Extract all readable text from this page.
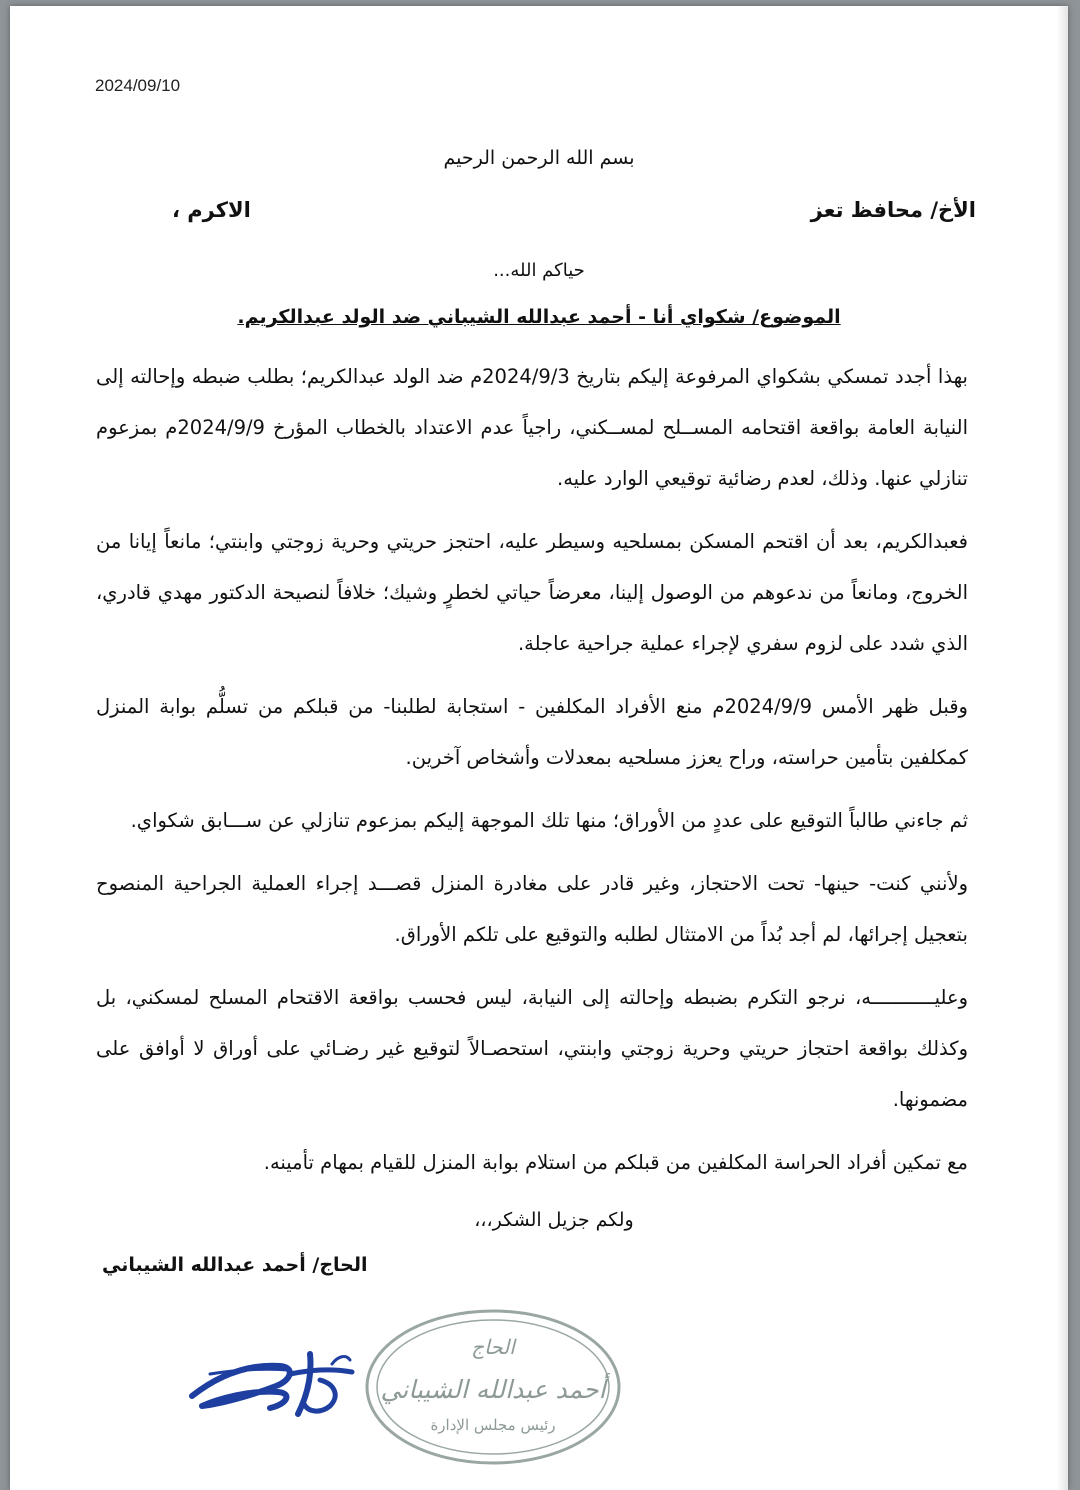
2024/09/10
بسم الله الرحمن الرحيم
الأخ/ محافظ تعز
الاكرم ،
حياكم الله...
الموضوع/ شكواي أنا - أحمد عبدالله الشيباني ضد الولد عبدالكريم.

بهذا أجدد تمسكي بشكواي المرفوعة إليكم بتاريخ 2024/9/3م ضد الولد عبدالكريم؛ بطلب ضبطه وإحالته إلى النيابة العامة بواقعة اقتحامه المســلح لمســكني، راجياً عدم الاعتداد بالخطاب المؤرخ 2024/9/9م بمزعوم تنازلي عنها. وذلك، لعدم رضائية توقيعي الوارد عليه.

فعبدالكريم، بعد أن اقتحم المسكن بمسلحيه وسيطر عليه، احتجز حريتي وحرية زوجتي وابنتي؛ مانعاً إيانا من الخروج، ومانعاً من ندعوهم من الوصول إلينا، معرضاً حياتي لخطرٍ وشيك؛ خلافاً لنصيحة الدكتور مهدي قادري، الذي شدد على لزوم سفري لإجراء عملية جراحية عاجلة.

وقبل ظهر الأمس 2024/9/9م منع الأفراد المكلفين - استجابة لطلبنا- من قبلكم من تسلُّم بوابة المنزل كمكلفين بتأمين حراسته، وراح يعزز مسلحيه بمعدلات وأشخاص آخرين.

ثم جاءني طالباً التوقيع على عددٍ من الأوراق؛ منها تلك الموجهة إليكم بمزعوم تنازلي عن ســـابق شكواي.

ولأنني كنت- حينها- تحت الاحتجاز، وغير قادر على مغادرة المنزل قصـــد إجراء العملية الجراحية المنصوح بتعجيل إجرائها، لم أجد بُداً من الامتثال لطلبه والتوقيع على تلكم الأوراق.

وعليـــــــــــه، نرجو التكرم بضبطه وإحالته إلى النيابة، ليس فحسب بواقعة الاقتحام المسلح لمسكني، بل وكذلك بواقعة احتجاز حريتي وحرية زوجتي وابنتي، استحصـالاً لتوقيع غير رضـائي على أوراق لا أوافق على مضمونها.

مع تمكين أفراد الحراسة المكلفين من قبلكم من استلام بوابة المنزل للقيام بمهام تأمينه.

ولكم جزيل الشكر،،،
الحاج/ أحمد عبدالله الشيباني
الحاج
أحمد عبدالله الشيباني
رئيس مجلس الإدارة
